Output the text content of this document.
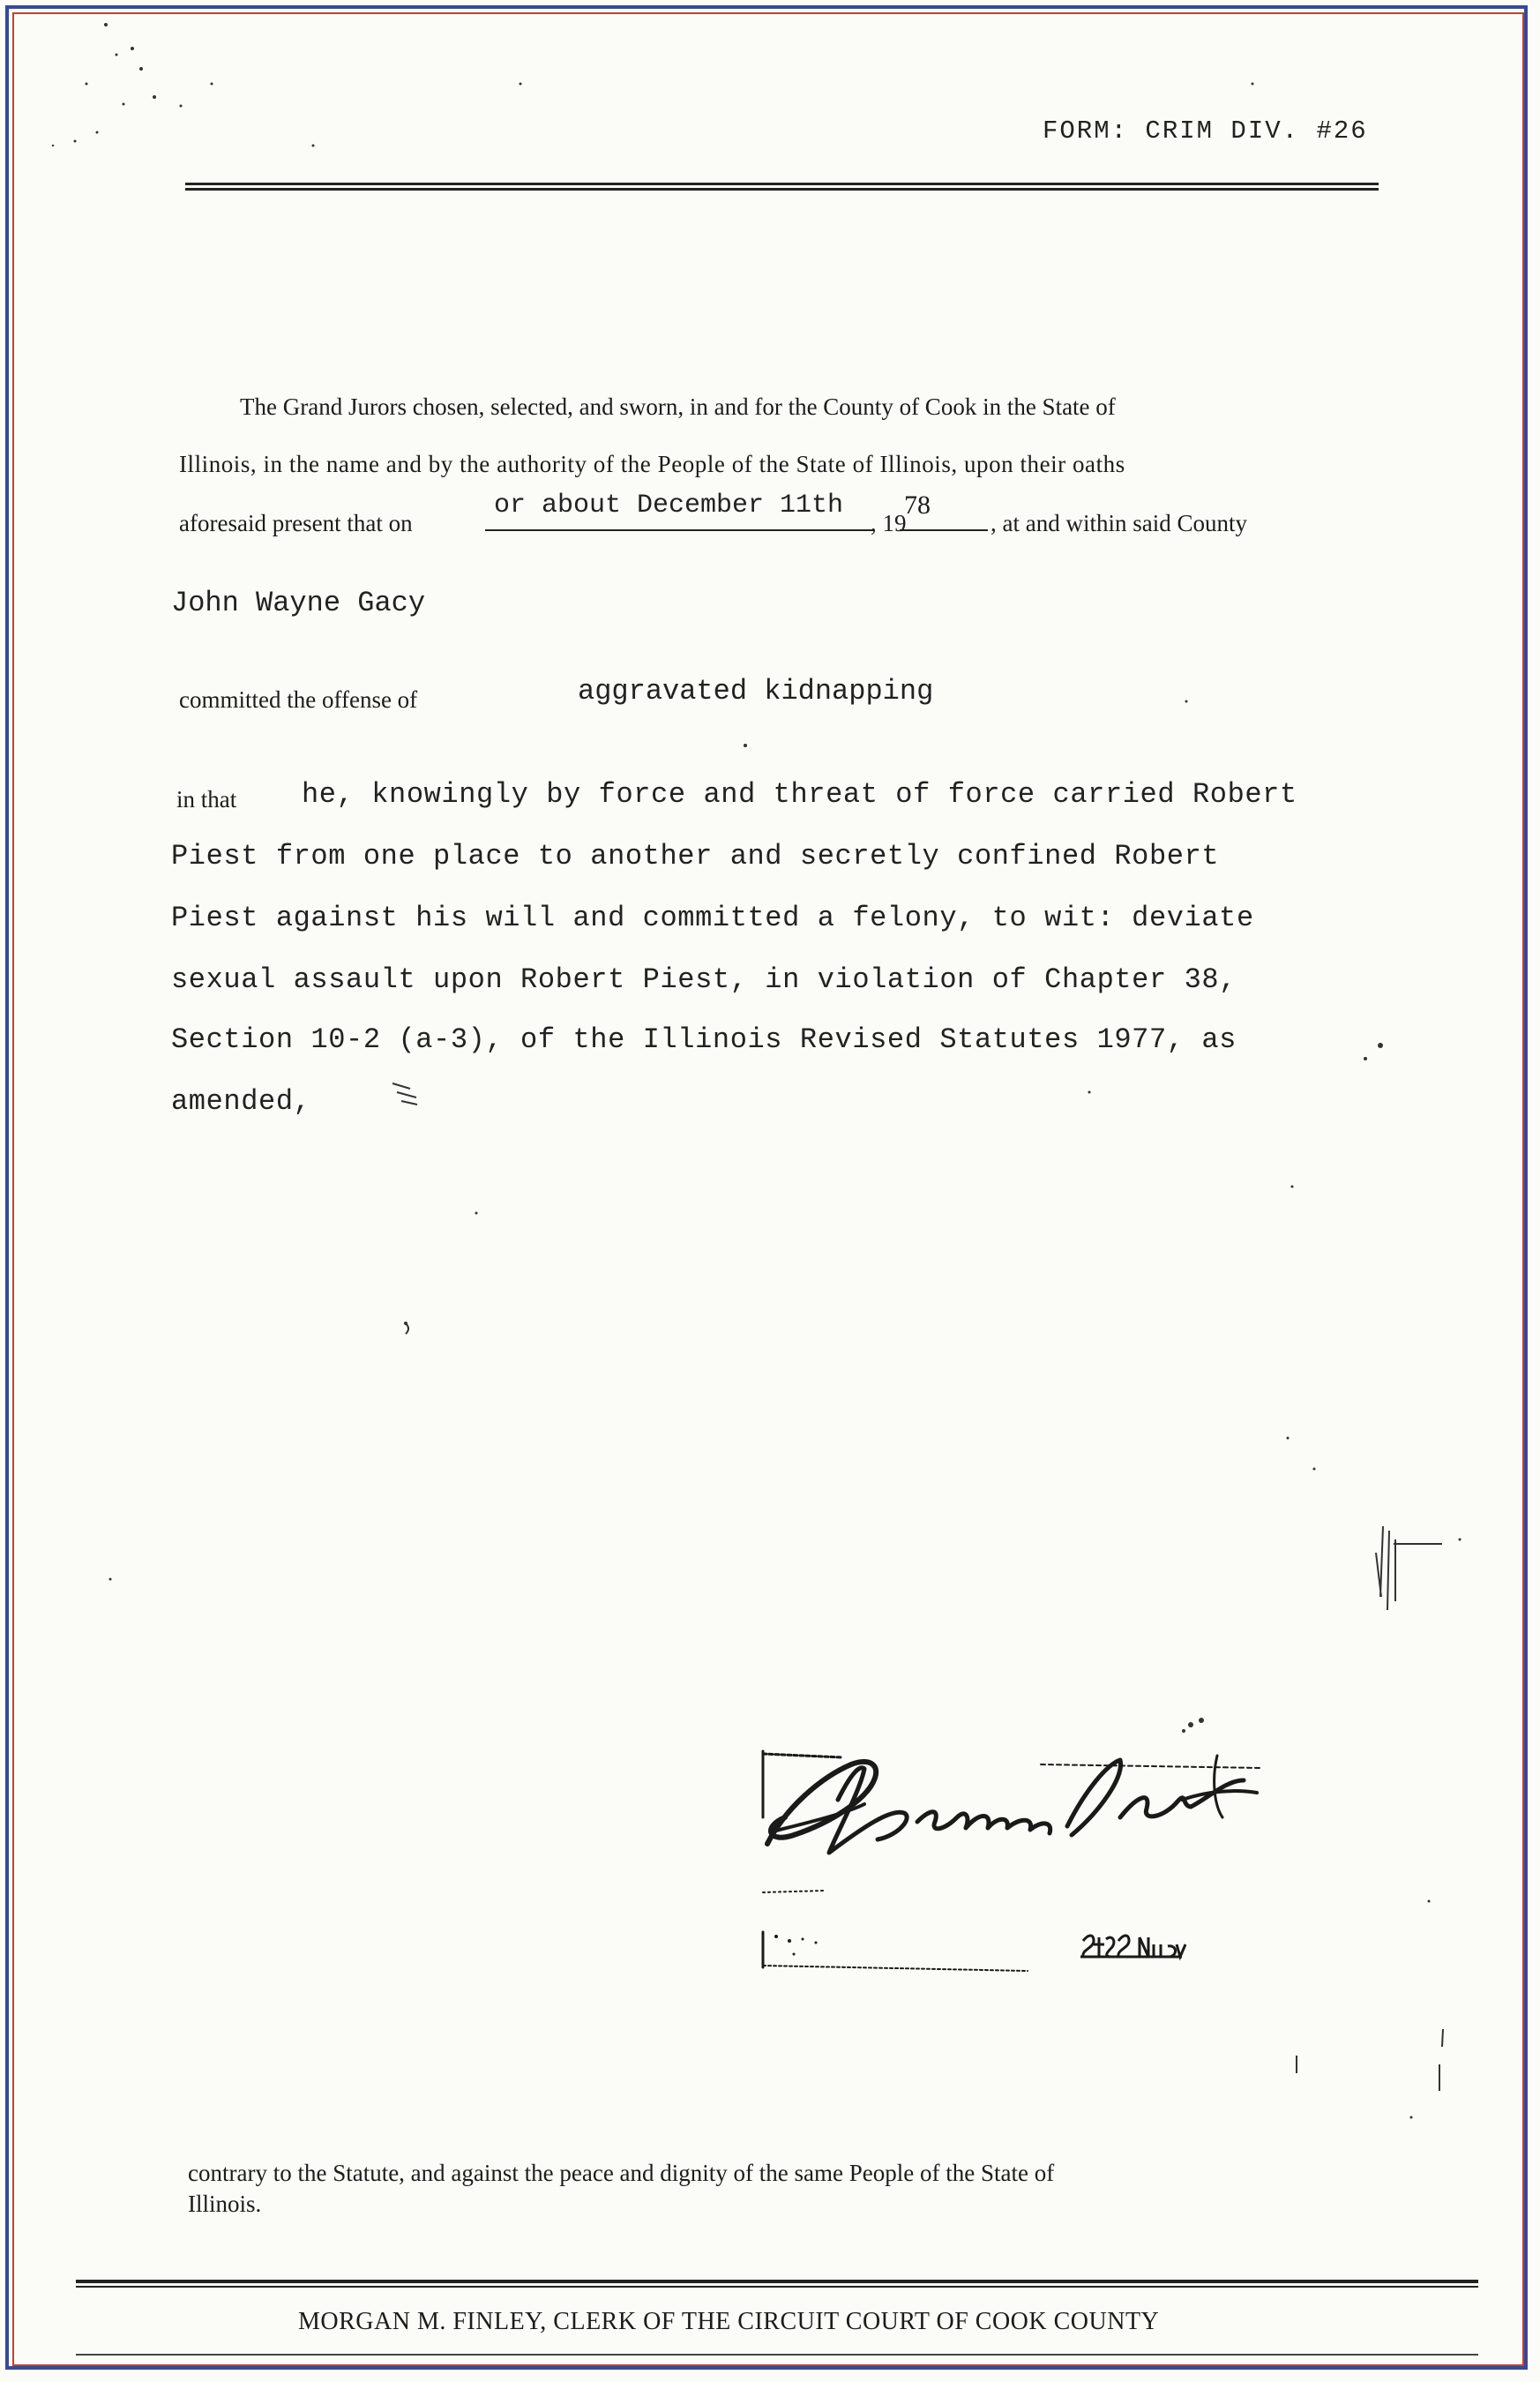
FORM: CRIM DIV. #26
The Grand Jurors chosen, selected, and sworn, in and for the County of Cook in the State of
Illinois, in the name and by the authority of the People of the State of Illinois, upon their oaths
aforesaid present that on
or about December 11th
, 19
78
, at and within said County
John Wayne Gacy
committed the offense of	aggravated kidnapping
in that he, knowingly by force and threat of force carried Robert
Piest from one place to another and secretly confined Robert
Piest against his will and committed a felony, to wit: deviate
sexual assault upon Robert Piest, in violation of Chapter 38,
Section 10-2 (a-3), of the Illinois Revised Statutes 1977, as
amended,
contrary to the Statute, and against the peace and dignity of the same People of the State of
Illinois.
MORGAN M. FINLEY, CLERK OF THE CIRCUIT COURT OF COOK COUNTY
